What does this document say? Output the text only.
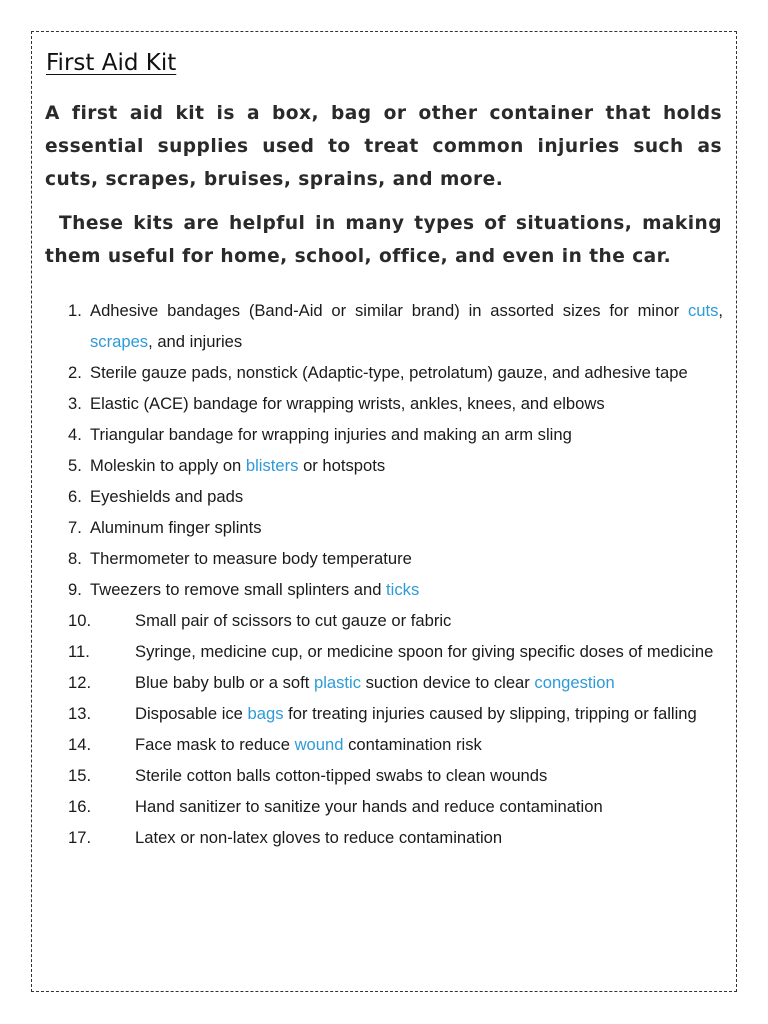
First Aid Kit

A first aid kit is a box, bag or other container that holds essential supplies used to treat common injuries such as cuts, scrapes, bruises, sprains, and more.

These kits are helpful in many types of situations, making them useful for home, school, office, and even in the car.

1. Adhesive bandages (Band-Aid or similar brand) in assorted sizes for minor cuts, scrapes, and injuries
2. Sterile gauze pads, nonstick (Adaptic-type, petrolatum) gauze, and adhesive tape
3. Elastic (ACE) bandage for wrapping wrists, ankles, knees, and elbows
4. Triangular bandage for wrapping injuries and making an arm sling
5. Moleskin to apply on blisters or hotspots
6. Eyeshields and pads
7. Aluminum finger splints
8. Thermometer to measure body temperature
9. Tweezers to remove small splinters and ticks
10.	Small pair of scissors to cut gauze or fabric
11.	Syringe, medicine cup, or medicine spoon for giving specific doses of medicine
12.	Blue baby bulb or a soft plastic suction device to clear congestion
13.	Disposable ice bags for treating injuries caused by slipping, tripping or falling
14.	Face mask to reduce wound contamination risk
15.	Sterile cotton balls cotton-tipped swabs to clean wounds
16.	Hand sanitizer to sanitize your hands and reduce contamination
17.	Latex or non-latex gloves to reduce contamination
